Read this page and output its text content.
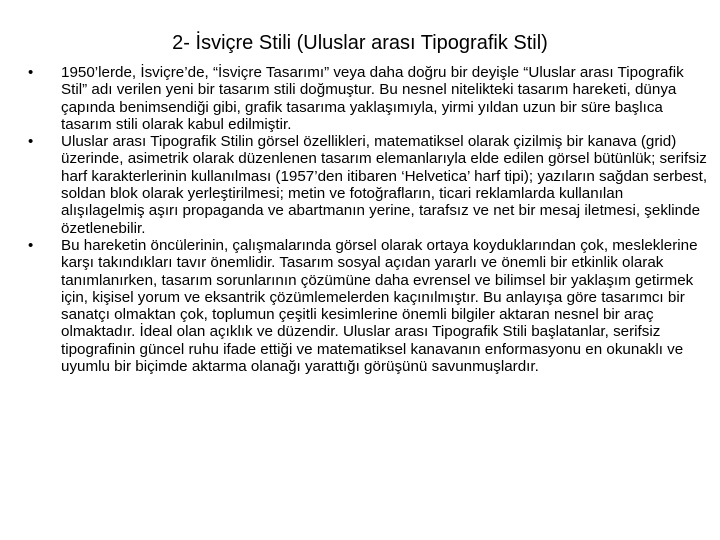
2- İsviçre Stili (Uluslar arası Tipografik Stil)
•	1950’lerde, İsviçre’de, “İsviçre Tasarımı” veya daha doğru bir deyişle “Uluslar arası Tipografik Stil” adı verilen yeni bir tasarım stili doğmuştur. Bu nesnel nitelikteki tasarım hareketi, dünya çapında benimsendiği gibi, grafik tasarıma yaklaşımıyla, yirmi yıldan uzun bir süre başlıca tasarım stili olarak kabul edilmiştir.
•	Uluslar arası Tipografik Stilin görsel özellikleri, matematiksel olarak çizilmiş bir kanava (grid) üzerinde, asimetrik olarak düzenlenen tasarım elemanlarıyla elde edilen görsel bütünlük; serifsiz harf karakterlerinin kullanılması (1957’den itibaren ‘Helvetica’ harf tipi); yazıların sağdan serbest, soldan blok olarak yerleştirilmesi; metin ve fotoğrafların, ticari reklamlarda kullanılan alışılagelmiş aşırı propaganda ve abartmanın yerine, tarafsız ve net bir mesaj iletmesi, şeklinde özetlenebilir.
•	Bu hareketin öncülerinin, çalışmalarında görsel olarak ortaya koyduklarından çok, mesleklerine karşı takındıkları tavır önemlidir. Tasarım sosyal açıdan yararlı ve önemli bir etkinlik olarak tanımlanırken, tasarım sorunlarının çözümüne daha evrensel ve bilimsel bir yaklaşım getirmek için, kişisel yorum ve eksantrik çözümlemelerden kaçınılmıştır. Bu anlayışa göre tasarımcı bir sanatçı olmaktan çok, toplumun çeşitli kesimlerine önemli bilgiler aktaran nesnel bir araç olmaktadır. İdeal olan açıklık ve düzendir. Uluslar arası Tipografik Stili başlatanlar, serifsiz tipografinin güncel ruhu ifade ettiği ve matematiksel kanavanın enformasyonu en okunaklı ve uyumlu bir biçimde aktarma olanağı yarattığı görüşünü savunmuşlardır.
